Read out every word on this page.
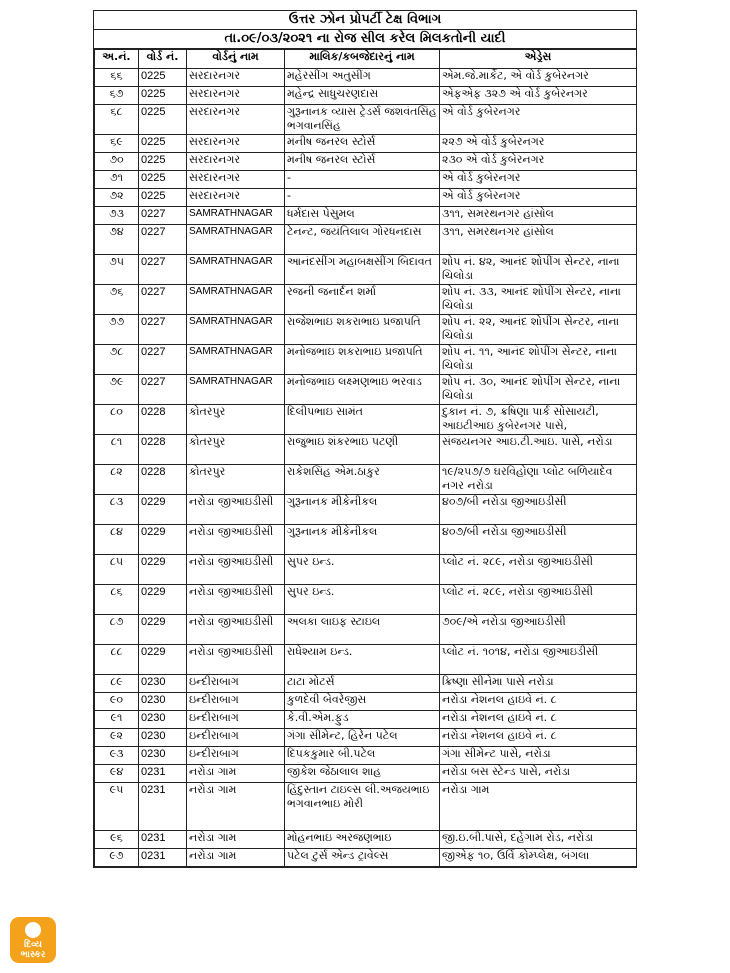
ઉત્તર ઝોન પ્રોપર્ટી ટેક્ષ વિભાગ
તા.૦૯/૦૩/૨૦૨૧ ના રોજ સીલ કરેલ મિલકતોની યાદી
અ.નં.	વોર્ડ નં.	વોર્ડનું નામ	માલિક/કબજેદારનું નામ	એડ્રેસ
૬૬	0225	સરદારનગર	મહેરસીંગ અતુસીંગ	એમ.જે.માર્કેટ, એ વોર્ડ કુબેરનગર
૬૭	0225	સરદારનગર	મહેન્દ્ર સાધુચરણદાસ	એફએફ ૩૨૭ એ વોર્ડ કુબેરનગર
૬૮	0225	સરદારનગર	ગુરૂનાનક વ્યાસ ટ્રેડર્સ જશવંતસિંહ ભગવાનસિંહ	એ વોર્ડ કુબેરનગર
૬૯	0225	સરદારનગર	મનીષ જનરલ સ્ટોર્સ	૨૨૭ એ વોર્ડ કુબેરનગર
૭૦	0225	સરદારનગર	મનીષ જનરલ સ્ટોર્સ	૨૩૦ એ વોર્ડ કુબેરનગર
૭૧	0225	સરદારનગર	-	એ વોર્ડ કુબેરનગર
૭૨	0225	સરદારનગર	-	એ વોર્ડ કુબેરનગર
૭૩	0227	SAMRATHNAGAR	ધર્મદાસ પેસુમલ	૩૧૧, સમરથનગર હાંસોલ
૭૪	0227	SAMRATHNAGAR	ટેનન્ટ, જયંતિલાલ ગોરધનદાસ	૩૧૧, સમરથનગર હાંસોલ
૭૫	0227	SAMRATHNAGAR	આનંદસીંગ મહાબક્ષસીંગ બિદાવત	શોપ નં. ૪૨, આનંદ શોપીંગ સેન્ટર, નાના ચિલોડા
૭૬	0227	SAMRATHNAGAR	રજની જનાર્દન શર્મા	શોપ નં. ૩૩, આનંદ શોપીંગ સેન્ટર, નાના ચિલોડા
૭૭	0227	SAMRATHNAGAR	રાજેશભાઇ શકરાભાઇ પ્રજાપતિ	શોપ નં. ૨૨, આનંદ શોપીંગ સેન્ટર, નાના ચિલોડા
૭૮	0227	SAMRATHNAGAR	મનોજભાઇ શકરાભાઇ પ્રજાપતિ	શોપ નં. ૧૧, આનંદ શોપીંગ સેન્ટર, નાના ચિલોડા
૭૯	0227	SAMRATHNAGAR	મનોજભાઇ લક્ષ્મણભાઇ ભરવાડ	શોપ નં. ૩૦, આનંદ શોપીંગ સેન્ટર, નાના ચિલોડા
૮૦	0228	કોતરપુર	દિલીપભાઇ સામંત	દુકાન નં. ૭, ક્રષિણા પાર્ક સોસાયટી, આઇટીઆઇ કુબેરનગર પાસે,
૮૧	0228	કોતરપુર	રાજુભાઇ શંકરભાઇ પટણી	સંજયનગર આઇ.ટી.આઇ. પાસે, નરોડા
૮૨	0228	કોતરપુર	રાકેશસિંહ એમ.ઠાકુર	૧૯/૨૫૭/૭ ઘરવિહોણા પ્લોટ બળિયાદેવ નગર નરોડા
૮૩	0229	નરોડા જીઆઇડીસી	ગુરૂનાનક મીકેનીકલ	૪૦૭/બી નરોડા જીઆઇડીસી
૮૪	0229	નરોડા જીઆઇડીસી	ગુરૂનાનક મીકેનીકલ	૪૦૭/બી નરોડા જીઆઇડીસી
૮૫	0229	નરોડા જીઆઇડીસી	સુપર ઇન્ડ.	પ્લોટ નં. ૨૮૯, નરોડા જીઆઇડીસી
૮૬	0229	નરોડા જીઆઇડીસી	સુપર ઇન્ડ.	પ્લોટ નં. ૨૮૯, નરોડા જીઆઇડીસી
૮૭	0229	નરોડા જીઆઇડીસી	અલકા લાઇફ સ્ટાઇલ	૭૦૯/એ નરોડા જીઆઇડીસી
૮૮	0229	નરોડા જીઆઇડીસી	રાધેશ્યામ ઇન્ડ.	પ્લોટ નં. ૧૦૧૪, નરોડા જીઆઇડીસી
૮૯	0230	ઇન્દીરાબાગ	ટાટા મોટર્સ	ક્રિષ્ણા સીનેમા પાસે નરોડા
૯૦	0230	ઇન્દીરાબાગ	કુળદેવી બેવરેજીસ	નરોડા નેશનલ હાઇવે નં. ૮
૯૧	0230	ઇન્દીરાબાગ	કે.વી.એમ.ફુડ	નરોડા નેશનલ હાઇવે નં. ૮
૯૨	0230	ઇન્દીરાબાગ	ગંગા સીમેન્ટ, હિરેન પટેલ	નરોડા નેશનલ હાઇવે નં. ૮
૯૩	0230	ઇન્દીરાબાગ	દિપકકુમાર બી.પટેલ	ગંગા સીમેન્ટ પાસે, નરોડા
૯૪	0231	નરોડા ગામ	જીકેશ જેઠાલાલ શાહ	નરોડા બસ સ્ટેન્ડ પાસે, નરોડા
૯૫	0231	નરોડા ગામ	હિંદુસ્તાન ટાઇલ્સ લી.અજયભાઇ ભગવાનભાઇ મોરી	નરોડા ગામ
૯૬	0231	નરોડા ગામ	મોહનભાઇ અરજણભાઇ	જી.ઇ.બી.પાસે, દહેગામ રોડ, નરોડા
૯૭	0231	નરોડા ગામ	પટેલ ટુર્સ એન્ડ ટ્રાવેલ્સ	જીએફ ૧૦, ઉર્વિ કોમ્પ્લેક્ષ, બંગલા
દિવ્ય
ભાસ્કર
